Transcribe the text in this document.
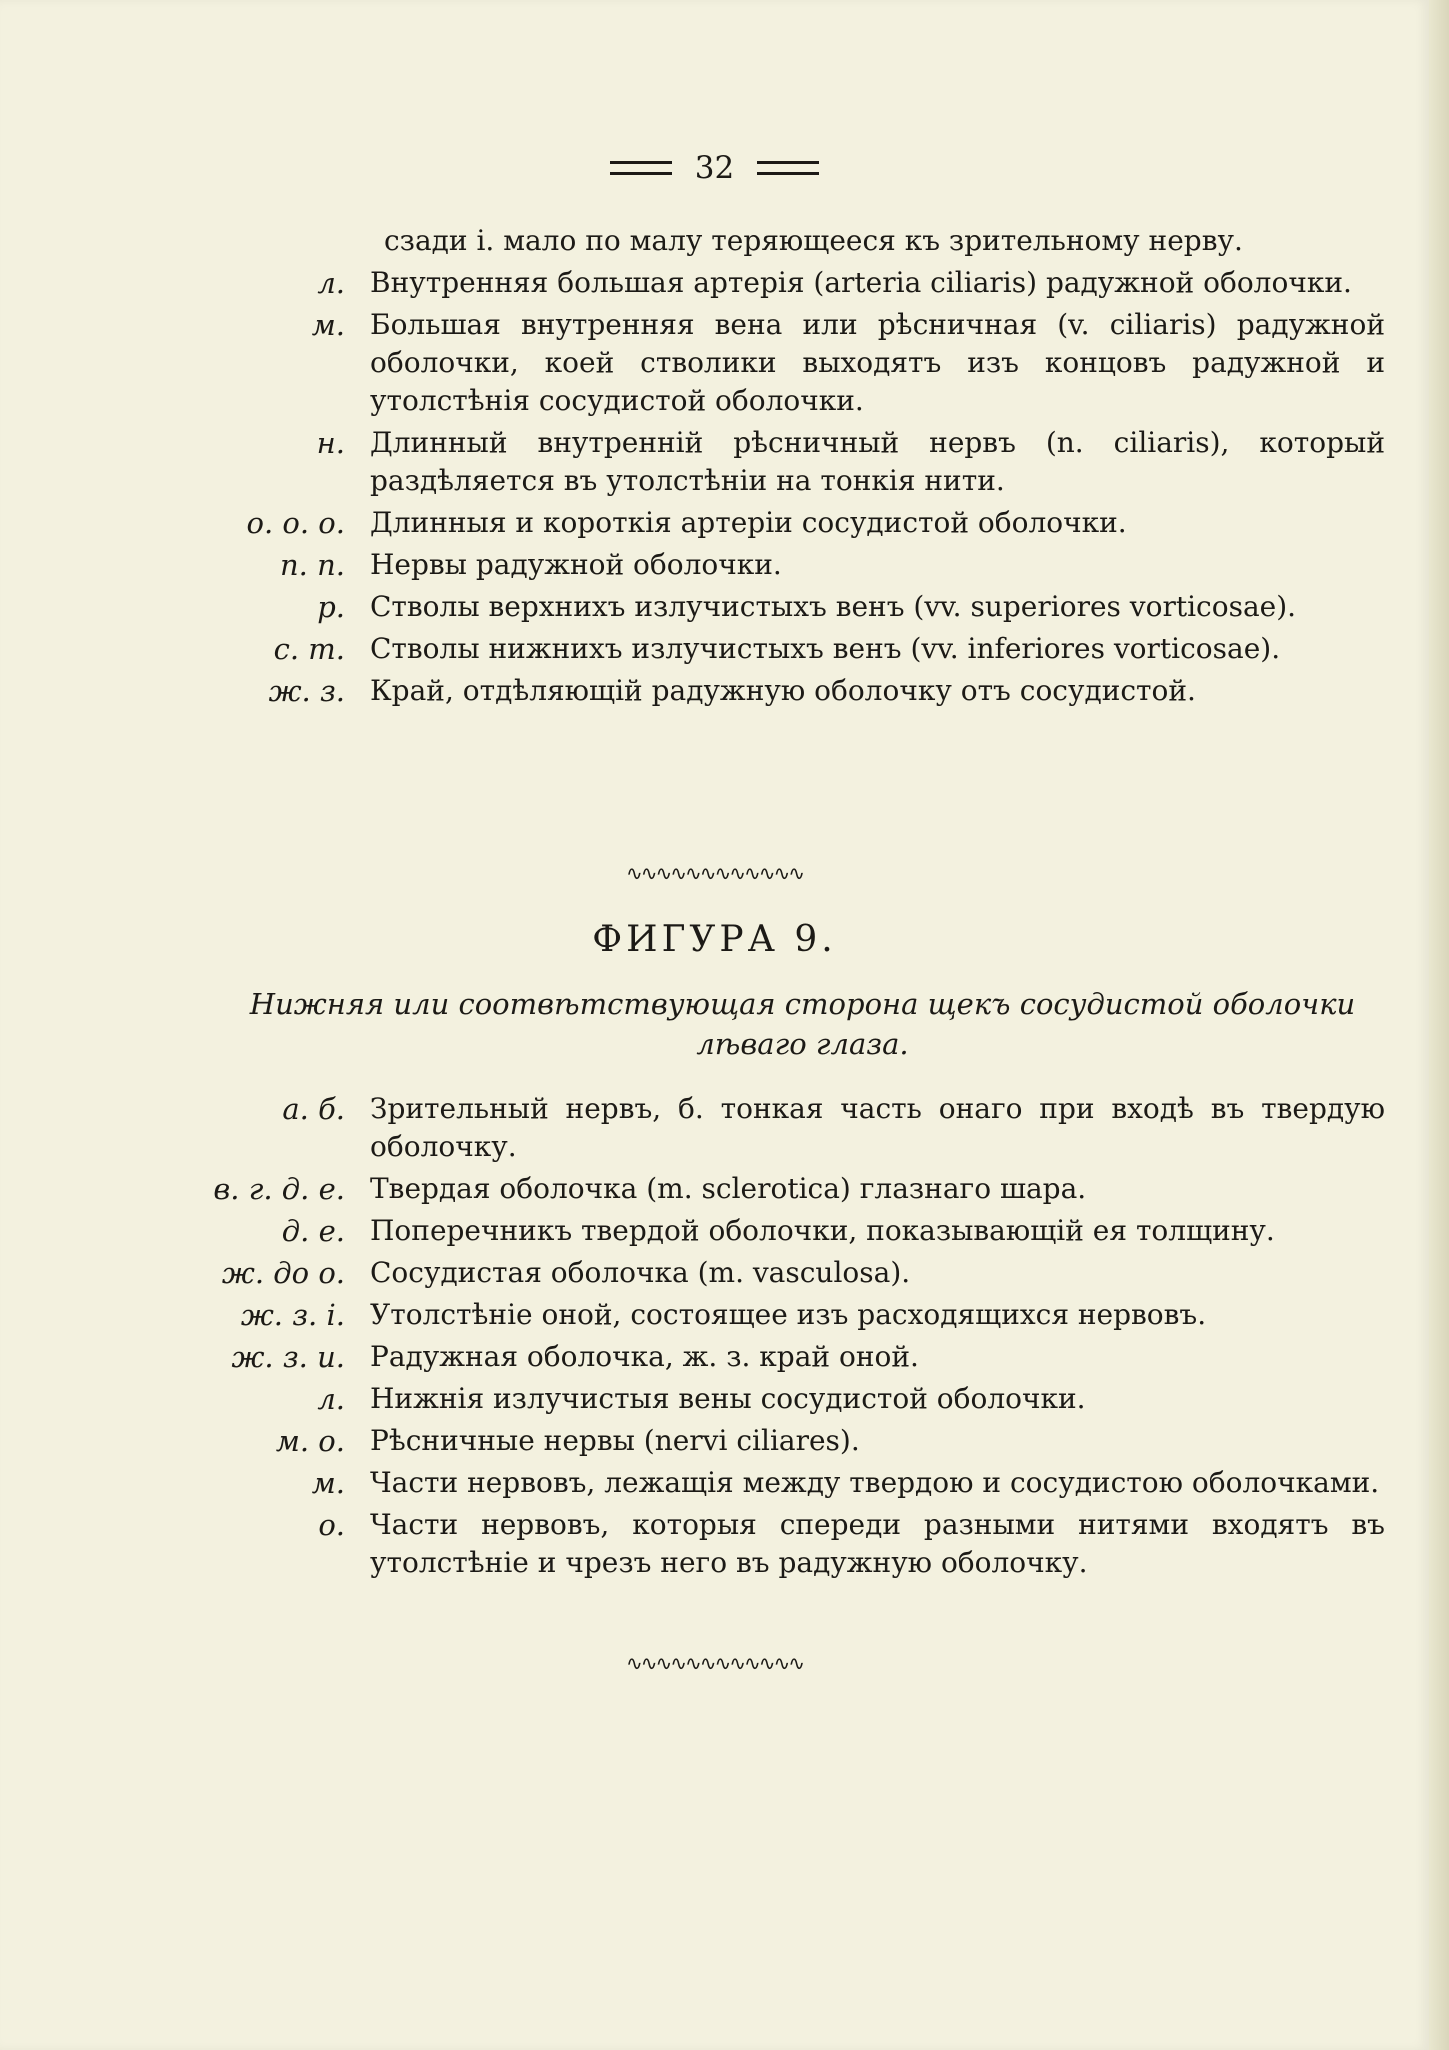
32
сзади i. мало по малу теряющееся къ зрительному нерву.
л. Внутренняя большая артерія (arteria ciliaris) радужной оболочки.
м. Большая внутренняя вена или рѣсничная (v. ciliaris) радужной оболочки, коей стволики выходятъ изъ концовъ радужной и утолстѣнія сосудистой оболочки.
н. Длинный внутренній рѣсничный нервъ (n. ciliaris), который раздѣляется въ утолстѣніи на тонкія нити.
о. о. о. Длинныя и короткія артеріи сосудистой оболочки.
п. п. Нервы радужной оболочки.
р. Стволы верхнихъ излучистыхъ венъ (vv. superiores vorticosae).
с. т. Стволы нижнихъ излучистыхъ венъ (vv. inferiores vorticosae).
ж. з. Край, отдѣляющій радужную оболочку отъ сосудистой.
∿∿∿∿∿∿∿∿∿∿∿∿
ФИГУРА 9.
Нижняя или соотвѣтствующая сторона щекъ сосудистой оболочки лѣваго глаза.
а. б. Зрительный нервъ, б. тонкая часть онаго при входѣ въ твердую оболочку.
в. г. д. е. Твердая оболочка (m. sclerotica) глазнаго шара.
д. е. Поперечникъ твердой оболочки, показывающій ея толщину.
ж. до о. Сосудистая оболочка (m. vasculosa).
ж. з. i. Утолстѣніе оной, состоящее изъ расходящихся нервовъ.
ж. з. и. Радужная оболочка, ж. з. край оной.
л. Нижнія излучистыя вены сосудистой оболочки.
м. о. Рѣсничные нервы (nervi ciliares).
м. Части нервовъ, лежащія между твердою и сосудистою оболочками.
о. Части нервовъ, которыя спереди разными нитями входятъ въ утолстѣніе и чрезъ него въ радужную оболочку.
∿∿∿∿∿∿∿∿∿∿∿∿
